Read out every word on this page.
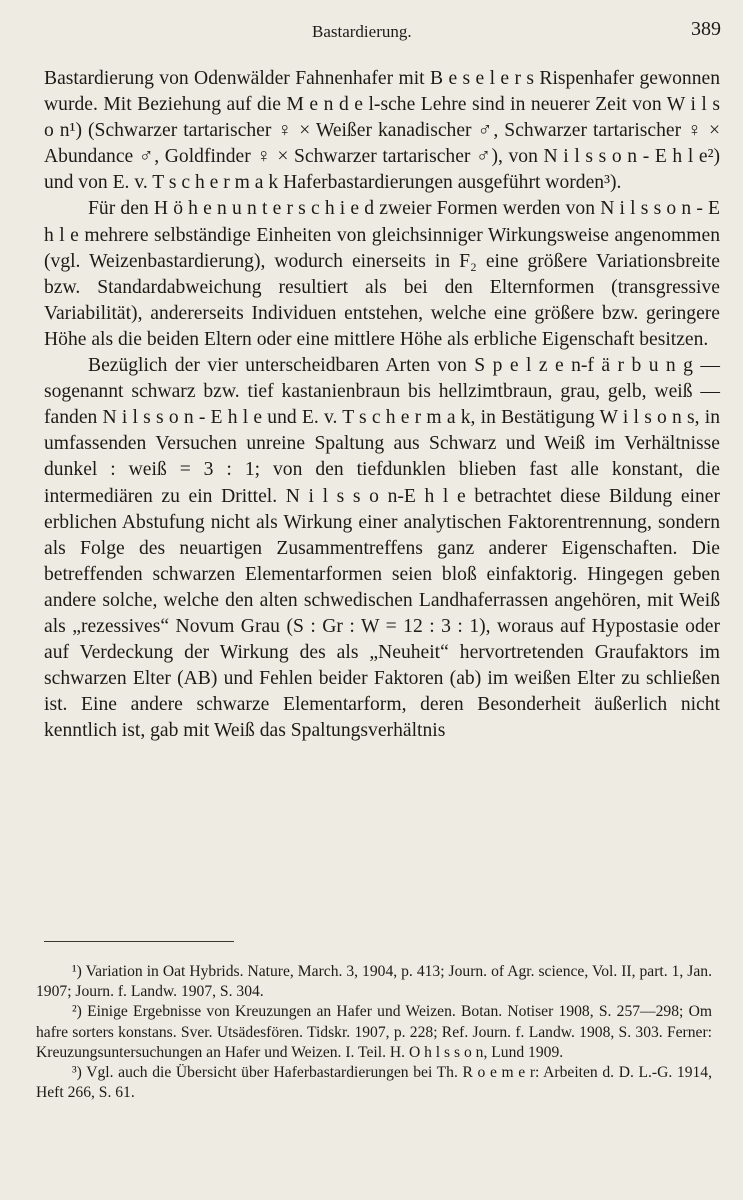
Bastardierung.	389

Bastardierung von Odenwälder Fahnenhafer mit B e s e l e r s Rispenhafer gewonnen wurde. Mit Beziehung auf die M e n d e l-sche Lehre sind in neuerer Zeit von W i l s o n¹) (Schwarzer tartarischer ♀ × Weißer kanadischer ♂, Schwarzer tartarischer ♀ × Abundance ♂, Goldfinder ♀ × Schwarzer tartarischer ♂), von N i l s s o n - E h l e²) und von E. v. T s c h e r m a k Haferbastardierungen ausgeführt worden³).

Für den H ö h e n u n t e r s c h i e d zweier Formen werden von N i l s s o n - E h l e mehrere selbständige Einheiten von gleichsinniger Wirkungsweise angenommen (vgl. Weizenbastardierung), wodurch einerseits in F₂ eine größere Variationsbreite bzw. Standardabweichung resultiert als bei den Elternformen (transgressive Variabilität), andererseits Individuen entstehen, welche eine größere bzw. geringere Höhe als die beiden Eltern oder eine mittlere Höhe als erbliche Eigenschaft besitzen.

Bezüglich der vier unterscheidbaren Arten von S p e l z e n-f ä r b u n g — sogenannt schwarz bzw. tief kastanienbraun bis hellzimtbraun, grau, gelb, weiß — fanden N i l s s o n - E h l e und E. v. T s c h e r m a k, in Bestätigung W i l s o n s, in umfassenden Versuchen unreine Spaltung aus Schwarz und Weiß im Verhältnisse dunkel : weiß = 3 : 1; von den tiefdunklen blieben fast alle konstant, die intermediären zu ein Drittel. N i l s s o n-E h l e betrachtet diese Bildung einer erblichen Abstufung nicht als Wirkung einer analytischen Faktorentrennung, sondern als Folge des neuartigen Zusammentreffens ganz anderer Eigenschaften. Die betreffenden schwarzen Elementarformen seien bloß einfaktorig. Hingegen geben andere solche, welche den alten schwedischen Landhaferrassen angehören, mit Weiß als „rezessives“ Novum Grau (S : Gr : W = 12 : 3 : 1), woraus auf Hypostasie oder auf Verdeckung der Wirkung des als „Neuheit“ hervortretenden Graufaktors im schwarzen Elter (AB) und Fehlen beider Faktoren (ab) im weißen Elter zu schließen ist. Eine andere schwarze Elementarform, deren Besonderheit äußerlich nicht kenntlich ist, gab mit Weiß das Spaltungsverhältnis

¹) Variation in Oat Hybrids. Nature, March. 3, 1904, p. 413; Journ. of Agr. science, Vol. II, part. 1, Jan. 1907; Journ. f. Landw. 1907, S. 304.

²) Einige Ergebnisse von Kreuzungen an Hafer und Weizen. Botan. Notiser 1908, S. 257—298; Om hafre sorters konstans. Sver. Utsädesfören. Tidskr. 1907, p. 228; Ref. Journ. f. Landw. 1908, S. 303. Ferner: Kreuzungsuntersuchungen an Hafer und Weizen. I. Teil. H. O h l s s o n, Lund 1909.

³) Vgl. auch die Übersicht über Haferbastardierungen bei Th. R o e m e r: Arbeiten d. D. L.-G. 1914, Heft 266, S. 61.
